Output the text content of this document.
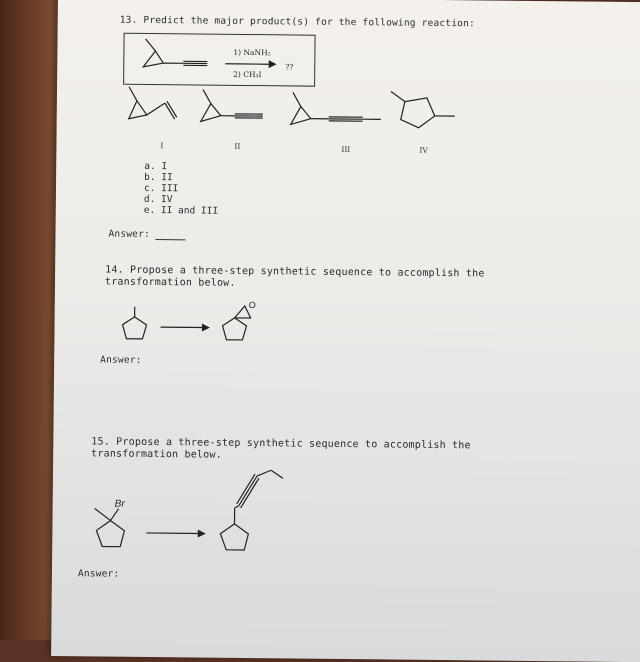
13. Predict the major product(s) for the following reaction:
1) NaNH₂
2) CH₃I
??
I	II	III	IV
a. I
b. II
c. III
d. IV
e. II and III
Answer:
14. Propose a three-step synthetic sequence to accomplish the
transformation below.
O
Answer:
15. Propose a three-step synthetic sequence to accomplish the
transformation below.
Br
Answer:
